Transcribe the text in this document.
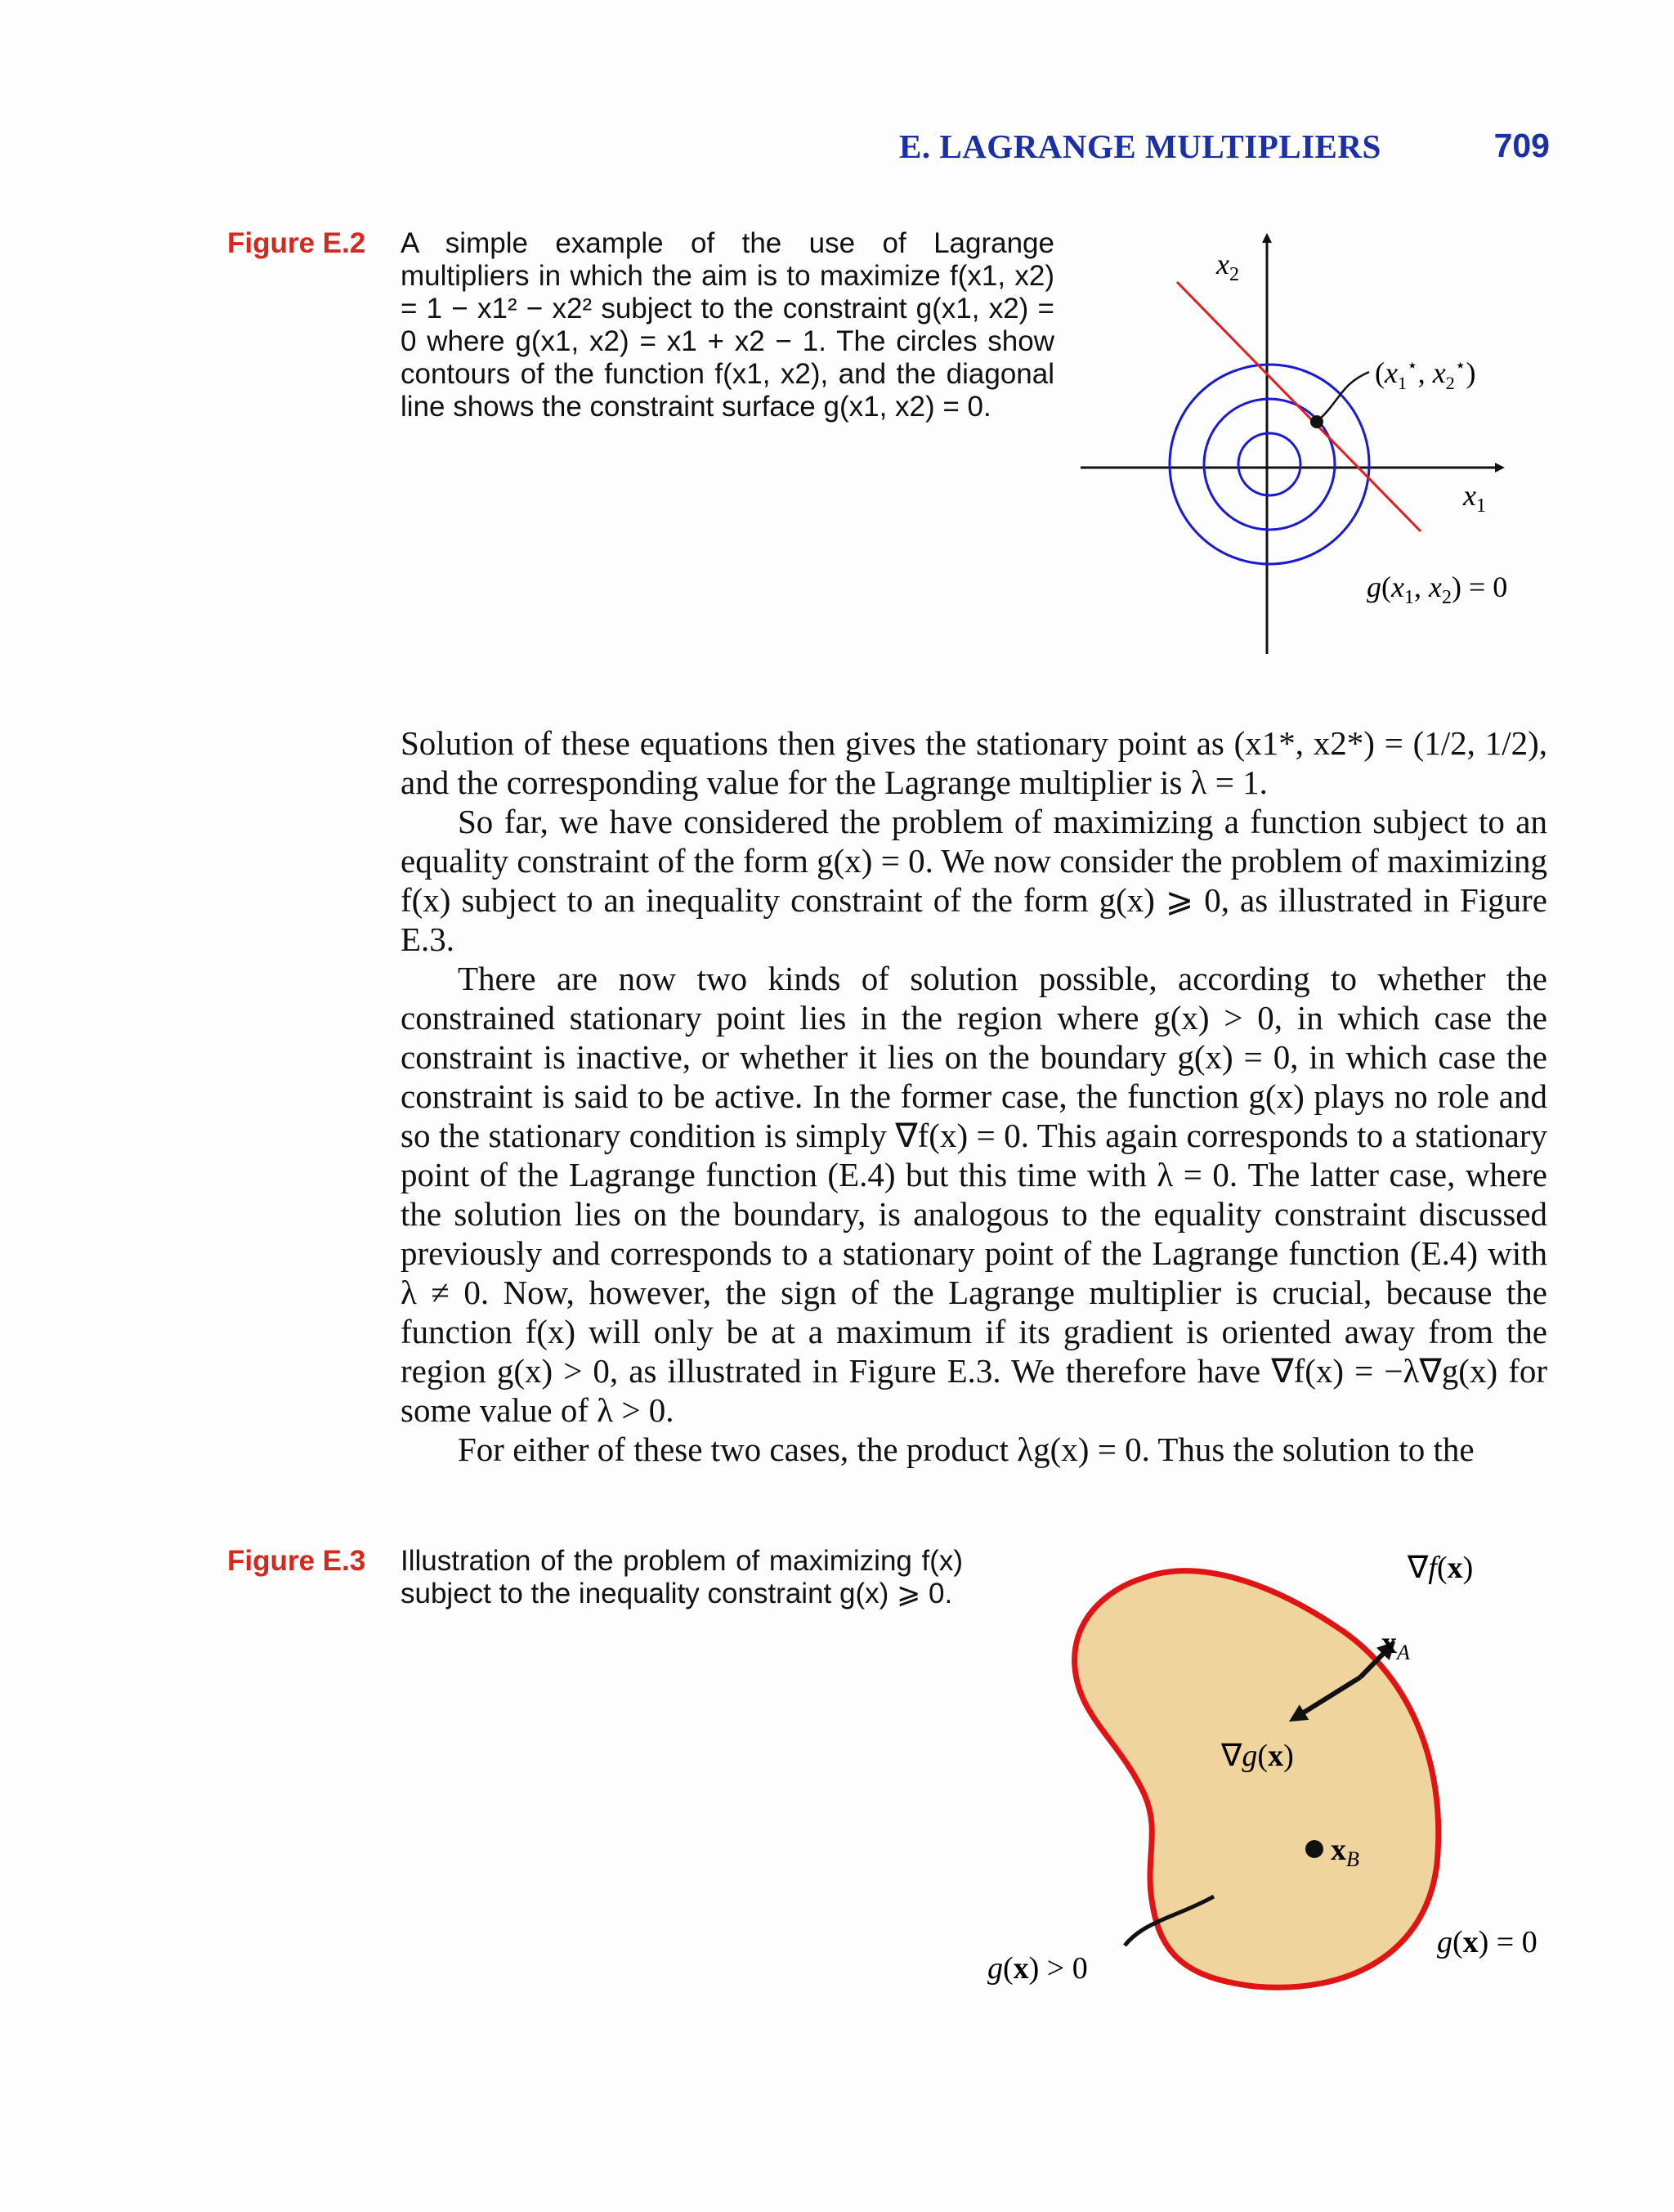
E. LAGRANGE MULTIPLIERS	709
Figure E.2 A simple example of the use of Lagrange multipliers in which the aim is to maximize f(x1, x2) = 1 − x1² − x2² subject to the constraint g(x1, x2) = 0 where g(x1, x2) = x1 + x2 − 1. The circles show contours of the function f(x1, x2), and the diagonal line shows the constraint surface g(x1, x2) = 0.
$x_2$
$x_1$
($x_1^⋆$, $x_2^⋆$)
$g(x_1$, $x_2) = 0$

Solution of these equations then gives the stationary point as (x1*, x2*) = (1/2, 1/2), and the corresponding value for the Lagrange multiplier is λ = 1.

So far, we have considered the problem of maximizing a function subject to an equality constraint of the form g(x) = 0. We now consider the problem of maximizing f(x) subject to an inequality constraint of the form g(x) ⩾ 0, as illustrated in Figure E.3.

There are now two kinds of solution possible, according to whether the constrained stationary point lies in the region where g(x) > 0, in which case the constraint is inactive, or whether it lies on the boundary g(x) = 0, in which case the constraint is said to be active. In the former case, the function g(x) plays no role and so the stationary condition is simply ∇f(x) = 0. This again corresponds to a stationary point of the Lagrange function (E.4) but this time with λ = 0. The latter case, where the solution lies on the boundary, is analogous to the equality constraint discussed previously and corresponds to a stationary point of the Lagrange function (E.4) with λ ≠ 0. Now, however, the sign of the Lagrange multiplier is crucial, because the function f(x) will only be at a maximum if its gradient is oriented away from the region g(x) > 0, as illustrated in Figure E.3. We therefore have ∇f(x) = −λ∇g(x) for some value of λ > 0.

For either of these two cases, the product λg(x) = 0. Thus the solution to the

Figure E.3 Illustration of the problem of maximizing f(x) subject to the inequality constraint g(x) ⩾ 0.
∇f(x)
$x_A$
∇g(x)
$x_B$
g(x) > 0
g(x) = 0
